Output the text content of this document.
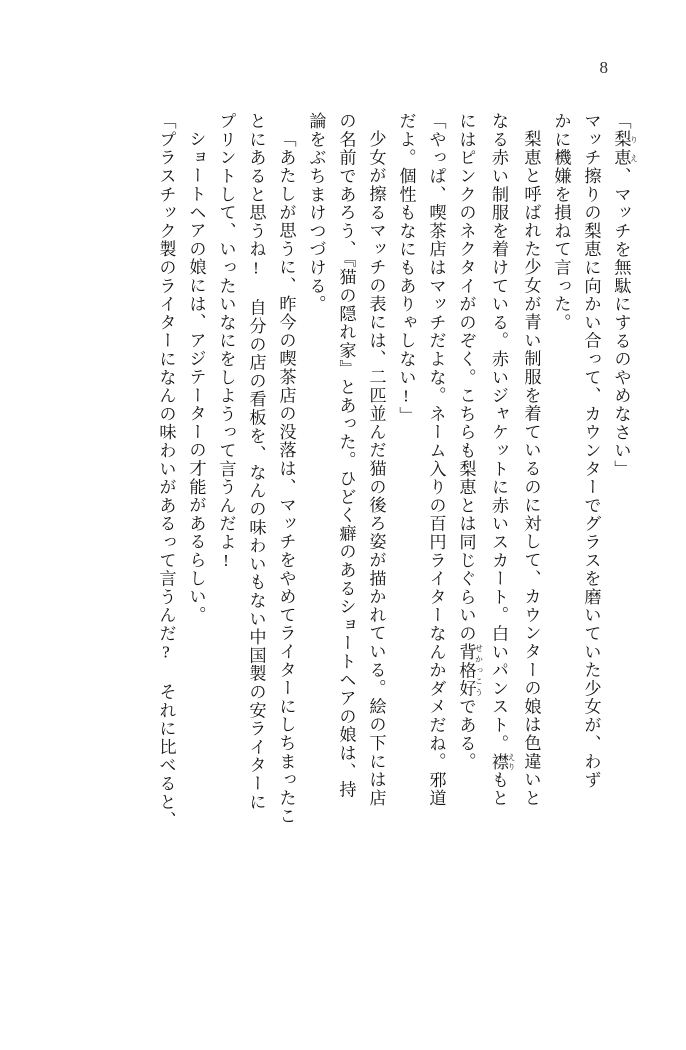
8
「梨恵 りえ、マッチを無駄にするのやめなさい」
マッチ擦りの梨恵に向かい合って、カウンターでグラスを磨いていた少女が、わず
かに機嫌を損ねて言った。
梨恵と呼ばれた少女が青い制服を着ているのに対して、カウンターの娘は色違いと
なる赤い制服を着けている。赤いジャケットに赤いスカート。白いパンスト。襟 えりもと
にはピンクのネクタイがのぞく。こちらも梨恵とは同じぐらいの背格好 せかっこうである。
「やっぱ、喫茶店はマッチだよな。ネーム入りの百円ライターなんかダメだね。邪道
だよ。個性もなにもありゃしない!」
少女が擦るマッチの表には、二匹並んだ猫の後ろ姿が描かれている。絵の下には店
の名前であろう、『猫の隠れ家』とあった。ひどく癖のあるショートヘアの娘は、持
論をぶちまけつづける。
「あたしが思うに、昨今の喫茶店の没落は、マッチをやめてライターにしちまったこ
とにあると思うね! 自分の店の看板を、なんの味わいもない中国製の安ライターに
プリントして、いったいなにをしようって言うんだよ!
ショートヘアの娘には、アジテーターの才能があるらしい。
「プラスチック製のライターになんの味わいがあるって言うんだ? それに比べると、
